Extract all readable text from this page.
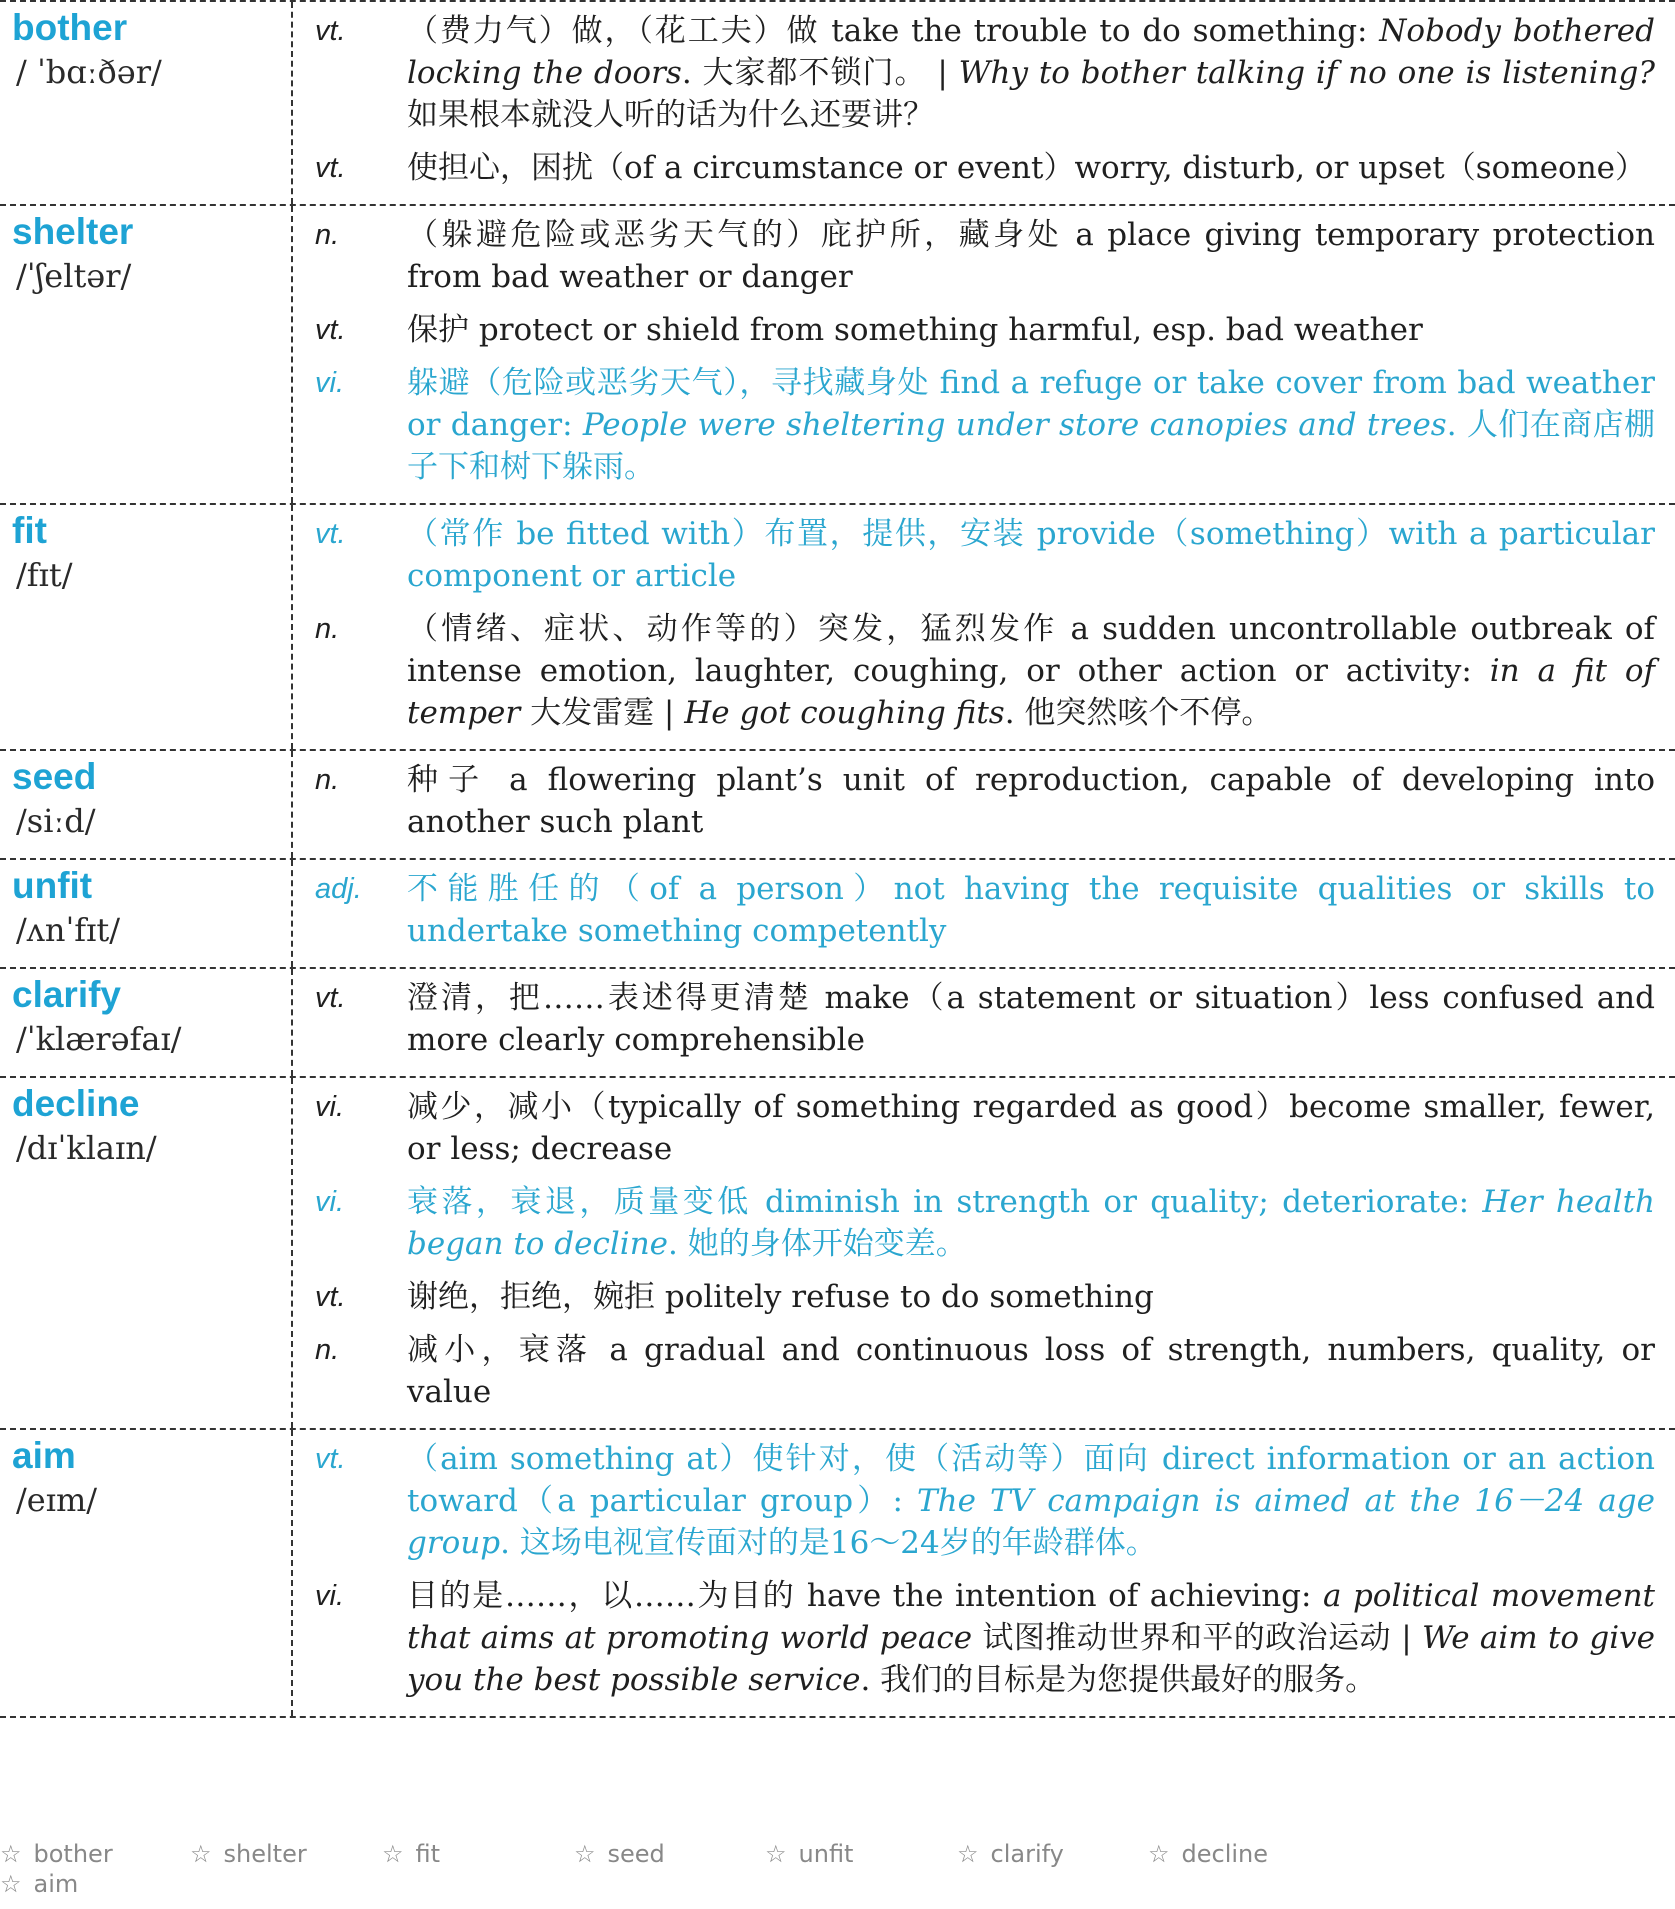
bother
/ ˈbɑːðər/
vt.	（费力气）做，（花工夫）做 take the trouble to do something: Nobody bothered locking the doors. 大家都不锁门。 | Why to bother talking if no one is listening? 如果根本就没人听的话为什么还要讲？
vt.	使担心，困扰（of a circumstance or event）worry, disturb, or upset（someone）
shelter
/ˈʃeltər/
n.	（躲避危险或恶劣天气的）庇护所，藏身处 a place giving temporary protection from bad weather or danger
vt.	保护 protect or shield from something harmful, esp. bad weather
vi.	躲避（危险或恶劣天气），寻找藏身处 find a refuge or take cover from bad weather or danger: People were sheltering under store canopies and trees. 人们在商店棚子下和树下躲雨。
fit
/fɪt/
vt.	（常作 be fitted with）布置，提供，安装 provide（something）with a particular component or article
n.	（情绪、症状、动作等的）突发，猛烈发作 a sudden uncontrollable outbreak of intense emotion, laughter, coughing, or other action or activity: in a fit of temper 大发雷霆 | He got coughing fits. 他突然咳个不停。
seed
/siːd/
n.	种子 a flowering plant’s unit of reproduction, capable of developing into another such plant
unfit
/ʌnˈfɪt/
adj.	不能胜任的（of a person）not having the requisite qualities or skills to undertake something competently
clarify
/ˈklærəfaɪ/
vt.	澄清，把……表述得更清楚 make（a statement or situation）less confused and more clearly comprehensible
decline
/dɪˈklaɪn/
vi.	减少，减小（typically of something regarded as good）become smaller, fewer, or less; decrease
vi.	衰落，衰退，质量变低 diminish in strength or quality; deteriorate: Her health began to decline. 她的身体开始变差。
vt.	谢绝，拒绝，婉拒 politely refuse to do something
n.	减小，衰落 a gradual and continuous loss of strength, numbers, quality, or value
aim
/eɪm/
vt.	（aim something at）使针对，使（活动等）面向 direct information or an action toward（a particular group）: The TV campaign is aimed at the 16－24 age group. 这场电视宣传面对的是16～24岁的年龄群体。
vi.	目的是……，以……为目的 have the intention of achieving: a political movement that aims at promoting world peace 试图推动世界和平的政治运动 | We aim to give you the best possible service. 我们的目标是为您提供最好的服务。
☆ bother	☆ shelter	☆ fit	☆ seed	☆ unfit	☆ clarify	☆ decline
☆ aim
